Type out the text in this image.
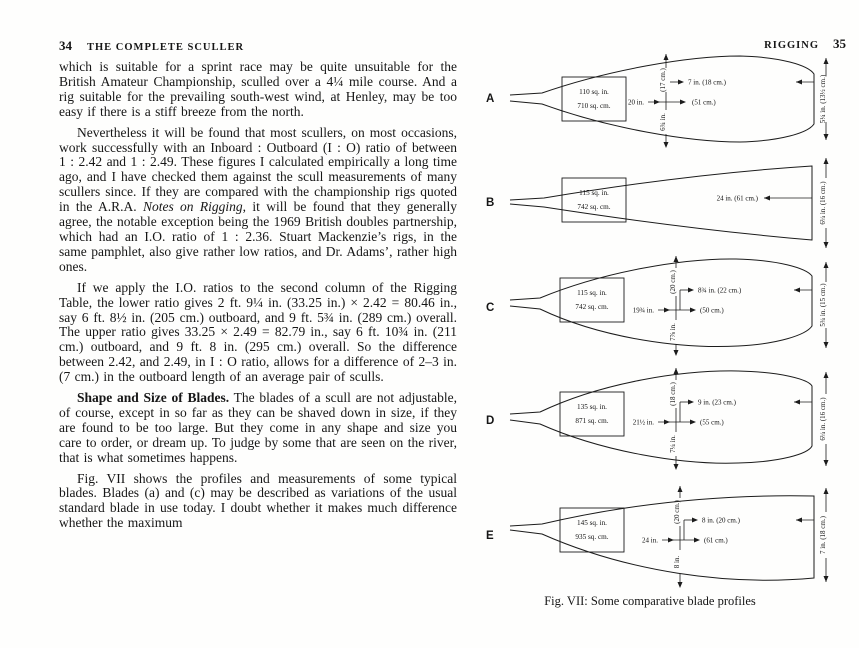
34 THE COMPLETE SCULLER

which is suitable for a sprint race may be quite unsuitable for the British Amateur Championship, sculled over a 4¼ mile course. And a rig suitable for the prevailing south-west wind, at Henley, may be too easy if there is a stiff breeze from the north.

Nevertheless it will be found that most scullers, on most occasions, work successfully with an Inboard : Outboard (I : O) ratio of between 1 : 2.42 and 1 : 2.49. These figures I calculated empirically a long time ago, and I have checked them against the scull measurements of many scullers since. If they are compared with the championship rigs quoted in the A.R.A. Notes on Rigging, it will be found that they generally agree, the notable exception being the 1969 British doubles partnership, which had an I.O. ratio of 1 : 2.36. Stuart Mackenzie’s rigs, in the same pamphlet, also give rather low ratios, and Dr. Adams’, rather high ones.

If we apply the I.O. ratios to the second column of the Rigging Table, the lower ratio gives 2 ft. 9¼ in. (33.25 in.) × 2.42 = 80.46 in., say 6 ft. 8½ in. (205 cm.) outboard, and 9 ft. 5¾ in. (289 cm.) overall. The upper ratio gives 33.25 × 2.49 = 82.79 in., say 6 ft. 10¾ in. (211 cm.) outboard, and 9 ft. 8 in. (295 cm.) overall. So the difference between 2.42, and 2.49, in I : O ratio, allows for a difference of 2–3 in. (7 cm.) in the outboard length of an average pair of sculls.

Shape and Size of Blades. The blades of a scull are not adjustable, of course, except in so far as they can be shaved down in size, if they are found to be too large. But they come in any shape and size you care to order, or dream up. To judge by some that are seen on the river, that is what sometimes happens.

Fig. VII shows the profiles and measurements of some typical blades. Blades (a) and (c) may be described as variations of the usual standard blade in use today. I doubt whether it makes much difference whether the maximum

RIGGING 35
A
110 sq. in.
710 sq. cm.
(17 cm.)
6¾ in.
20 in.	(51 cm.)
7 in. (18 cm.)	5¼ in. (13½ cm.)
B
115 sq. in.
742 sq. cm.
24 in. (61 cm.)	6¼ in. (16 cm.)
C
115 sq. in.
742 sq. cm.
(20 cm.)
7⅞ in.
19¾ in.	(50 cm.)
8¾ in. (22 cm.)	5¾ in. (15 cm.)
D
135 sq. in.
871 sq. cm.
(18 cm.)
7¼ in.
21½ in.	(55 cm.)
9 in. (23 cm.)	6¼ in. (16 cm.)
E
145 sq. in.
935 sq. cm.
(20 cm.)
8 in.
24 in.	(61 cm.)
8 in. (20 cm.)	7 in. (18 cm.)
Fig. VII: Some comparative blade profiles
